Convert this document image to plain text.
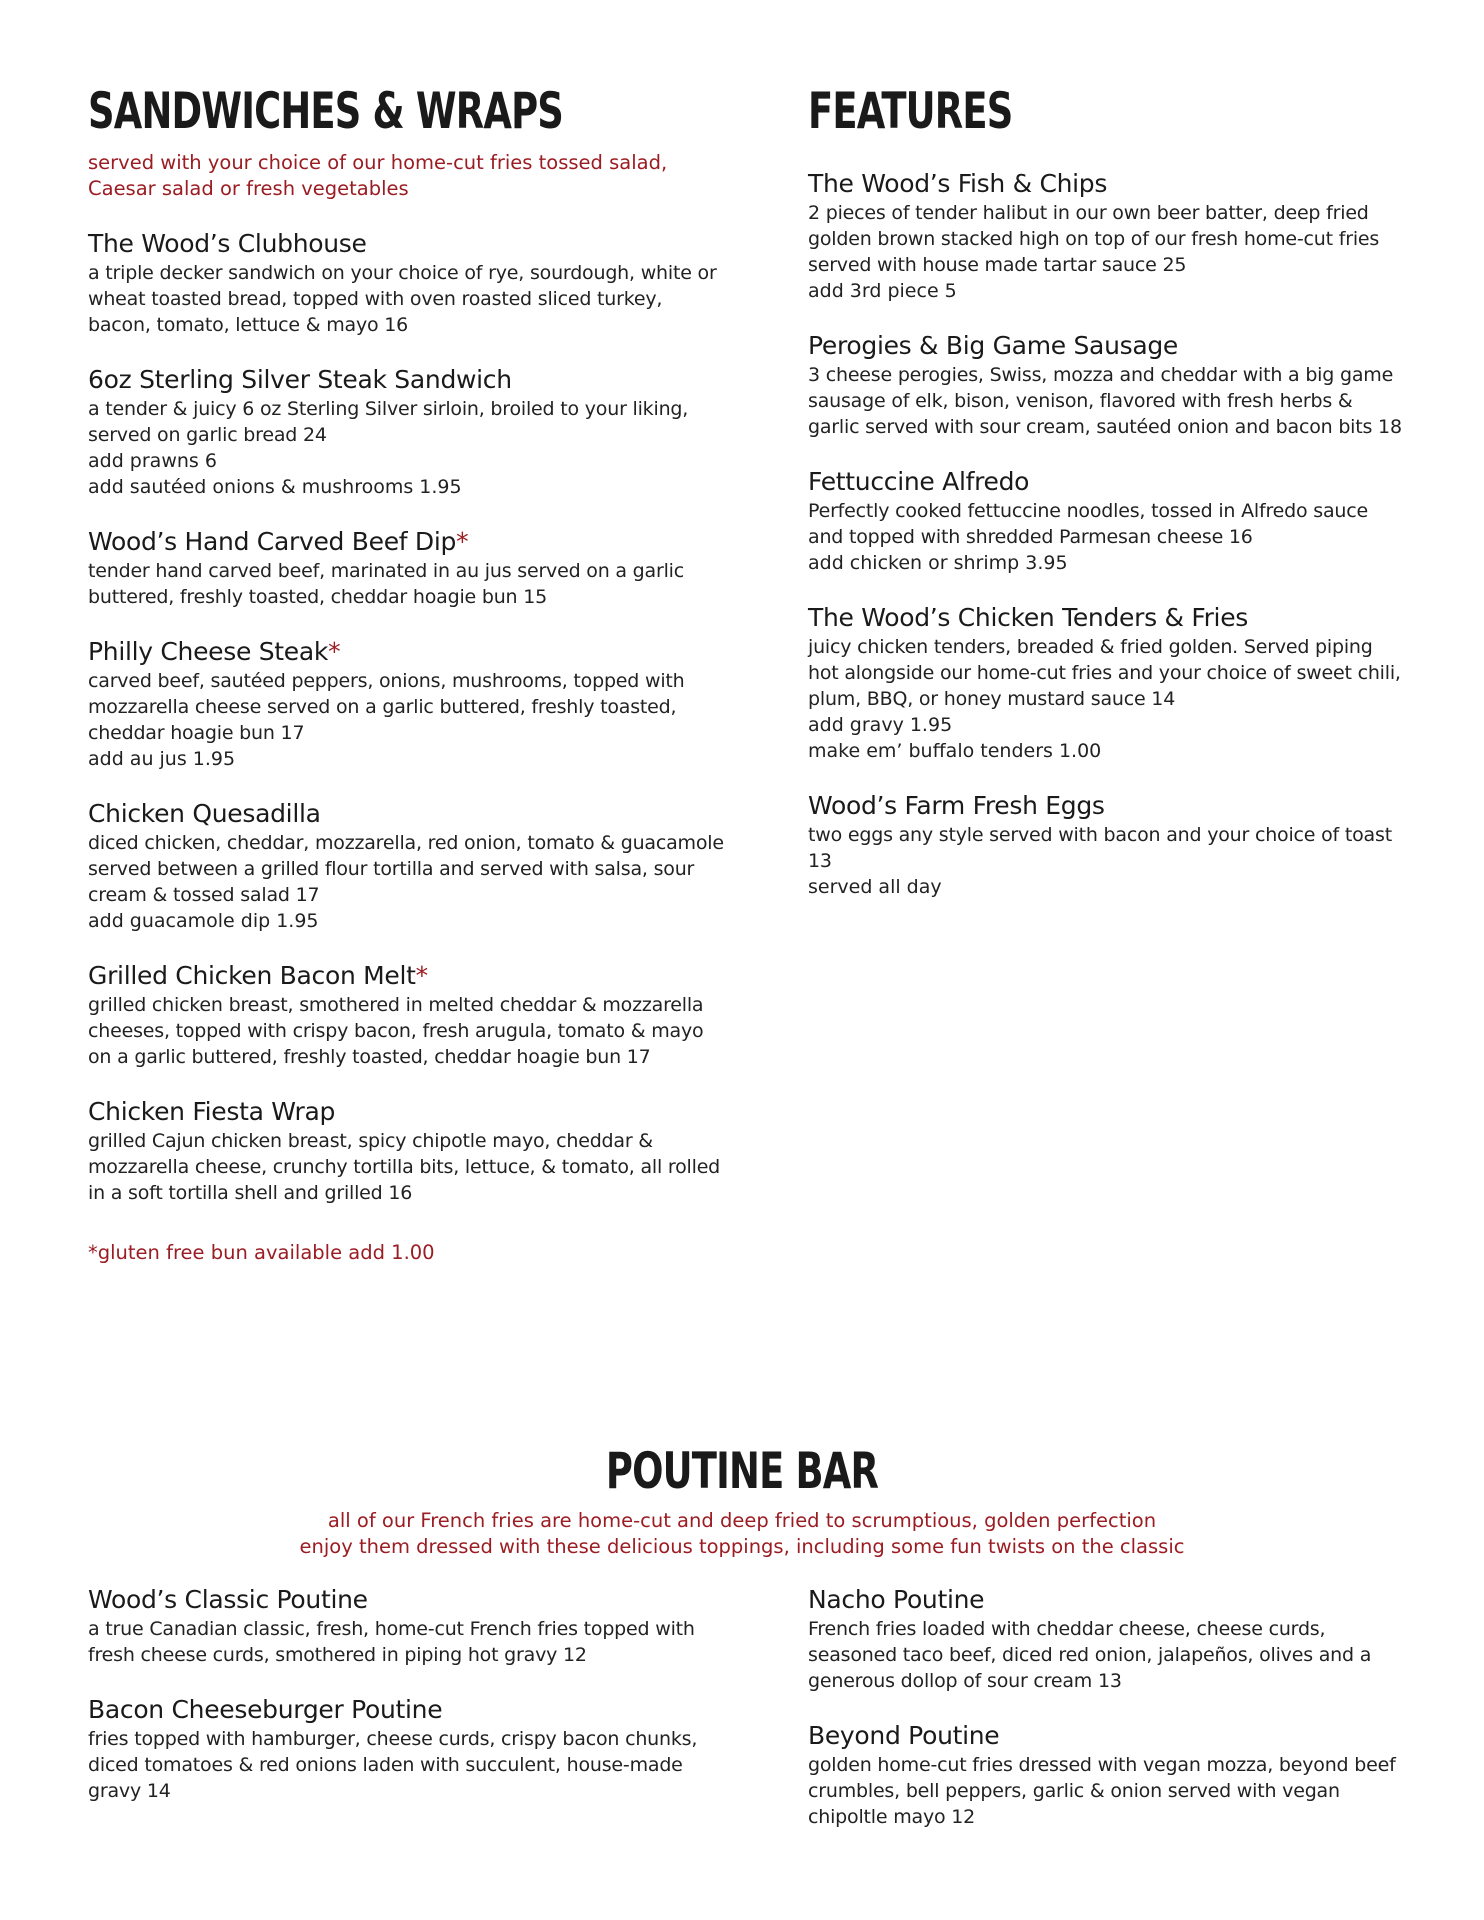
SANDWICHES & WRAPS

served with your choice of our home-cut fries tossed salad,
Caesar salad or fresh vegetables

The Wood’s Clubhouse
a triple decker sandwich on your choice of rye, sourdough, white or wheat toasted bread, topped with oven roasted sliced turkey, bacon, tomato, lettuce & mayo 16
6oz Sterling Silver Steak Sandwich
a tender & juicy 6 oz Sterling Silver sirloin, broiled to your liking, served on garlic bread 24
add prawns 6
add sautéed onions & mushrooms 1.95
Wood’s Hand Carved Beef Dip*
tender hand carved beef, marinated in au jus served on a garlic buttered, freshly toasted, cheddar hoagie bun 15
Philly Cheese Steak*
carved beef, sautéed peppers, onions, mushrooms, topped with mozzarella cheese served on a garlic buttered, freshly toasted, cheddar hoagie bun 17
add au jus 1.95
Chicken Quesadilla
diced chicken, cheddar, mozzarella, red onion, tomato & guacamole served between a grilled flour tortilla and served with salsa, sour cream & tossed salad 17
add guacamole dip 1.95
Grilled Chicken Bacon Melt*
grilled chicken breast, smothered in melted cheddar & mozzarella cheeses, topped with crispy bacon, fresh arugula, tomato & mayo on a garlic buttered, freshly toasted, cheddar hoagie bun 17
Chicken Fiesta Wrap
grilled Cajun chicken breast, spicy chipotle mayo, cheddar & mozzarella cheese, crunchy tortilla bits, lettuce, & tomato, all rolled in a soft tortilla shell and grilled 16

*gluten free bun available add 1.00

FEATURES
The Wood’s Fish & Chips
2 pieces of tender halibut in our own beer batter, deep fried golden brown stacked high on top of our fresh home-cut fries served with house made tartar sauce 25
add 3rd piece 5
Perogies & Big Game Sausage
3 cheese perogies, Swiss, mozza and cheddar with a big game sausage of elk, bison, venison, flavored with fresh herbs & garlic served with sour cream, sautéed onion and bacon bits 18
Fettuccine Alfredo
Perfectly cooked fettuccine noodles, tossed in Alfredo sauce and topped with shredded Parmesan cheese 16
add chicken or shrimp 3.95
The Wood’s Chicken Tenders & Fries
juicy chicken tenders, breaded & fried golden. Served piping hot alongside our home-cut fries and your choice of sweet chili, plum, BBQ, or honey mustard sauce 14
add gravy 1.95
make em’ buffalo tenders 1.00
Wood’s Farm Fresh Eggs
two eggs any style served with bacon and your choice of toast 13
served all day
POUTINE BAR

all of our French fries are home-cut and deep fried to scrumptious, golden perfection
enjoy them dressed with these delicious toppings, including some fun twists on the classic

Wood’s Classic Poutine
a true Canadian classic, fresh, home-cut French fries topped with fresh cheese curds, smothered in piping hot gravy 12
Bacon Cheeseburger Poutine
fries topped with hamburger, cheese curds, crispy bacon chunks, diced tomatoes & red onions laden with succulent, house-made gravy 14
Nacho Poutine
French fries loaded with cheddar cheese, cheese curds, seasoned taco beef, diced red onion, jalapeños, olives and a generous dollop of sour cream 13
Beyond Poutine
golden home-cut fries dressed with vegan mozza, beyond beef crumbles, bell peppers, garlic & onion served with vegan chipoltle mayo 12
